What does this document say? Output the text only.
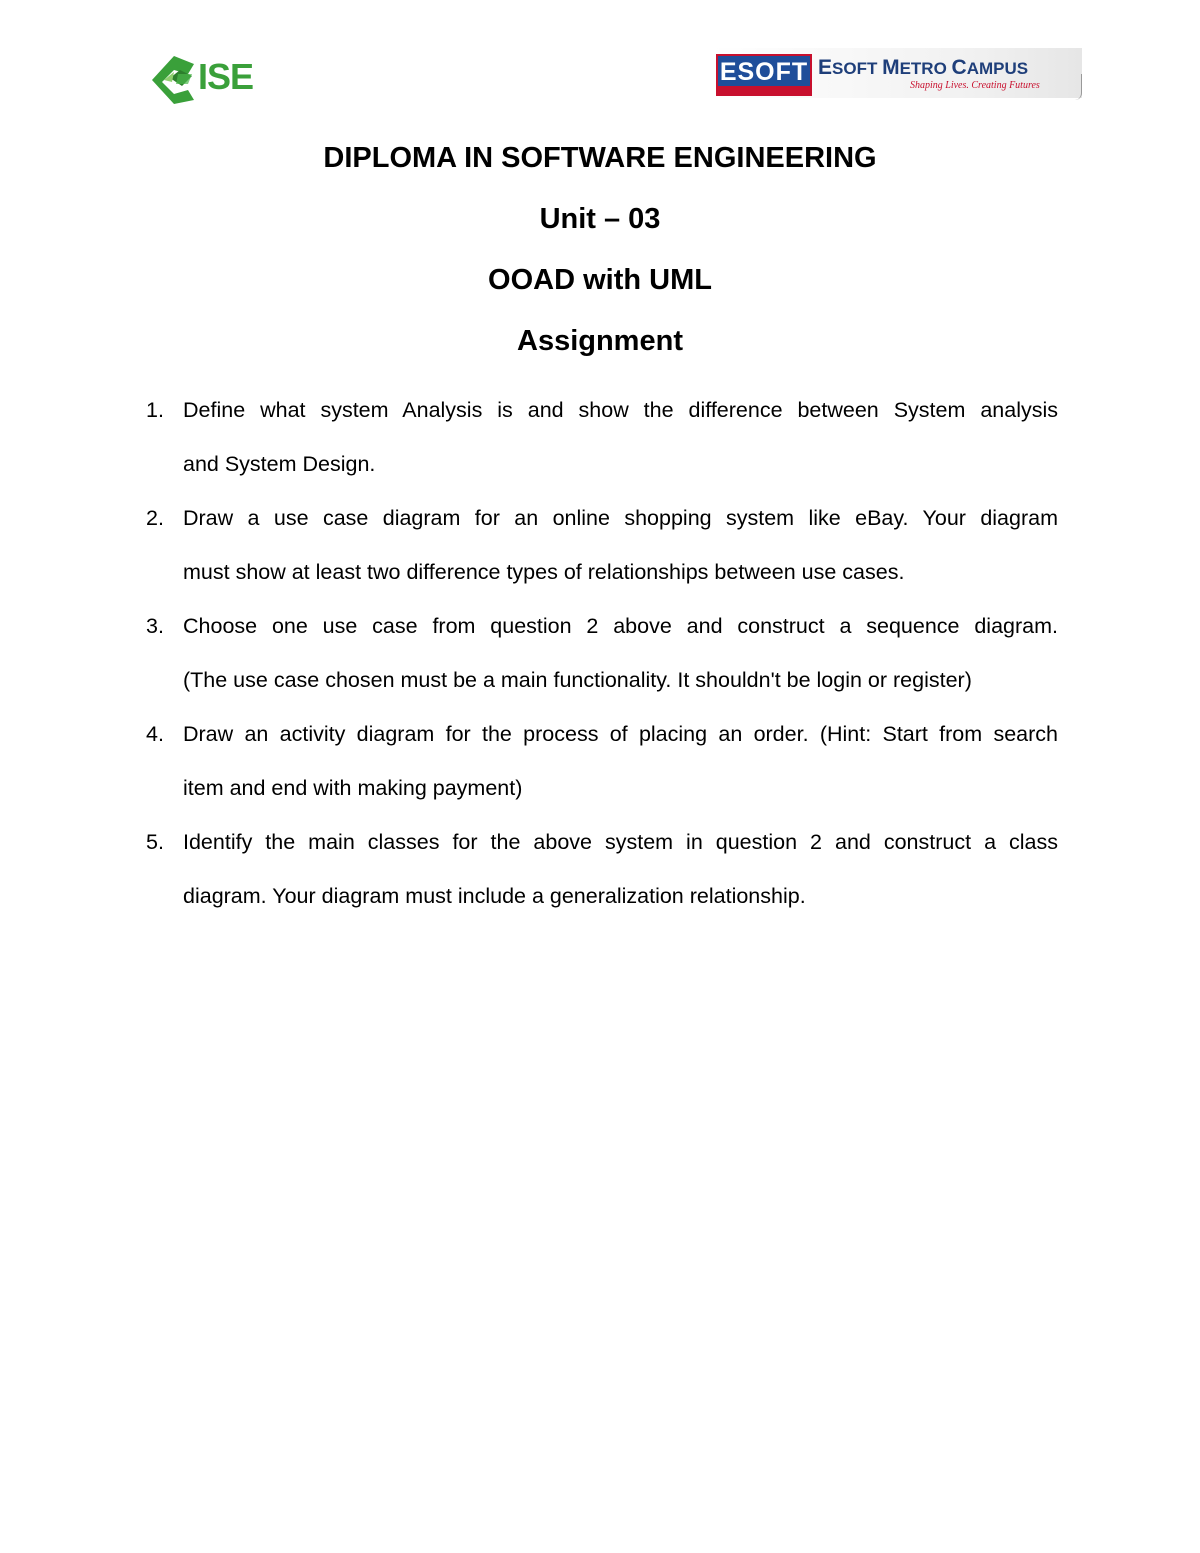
ISE	ESOFT ESOFT METRO CAMPUS
Shaping Lives. Creating Futures
DIPLOMA IN SOFTWARE ENGINEERING
Unit – 03
OOAD with UML
Assignment
1. Define what system Analysis is and show the difference between System analysis
and System Design.
2. Draw a use case diagram for an online shopping system like eBay. Your diagram
must show at least two difference types of relationships between use cases.
3. Choose one use case from question 2 above and construct a sequence diagram.
(The use case chosen must be a main functionality. It shouldn't be login or register)
4. Draw an activity diagram for the process of placing an order. (Hint: Start from search
item and end with making payment)
5. Identify the main classes for the above system in question 2 and construct a class
diagram. Your diagram must include a generalization relationship.
